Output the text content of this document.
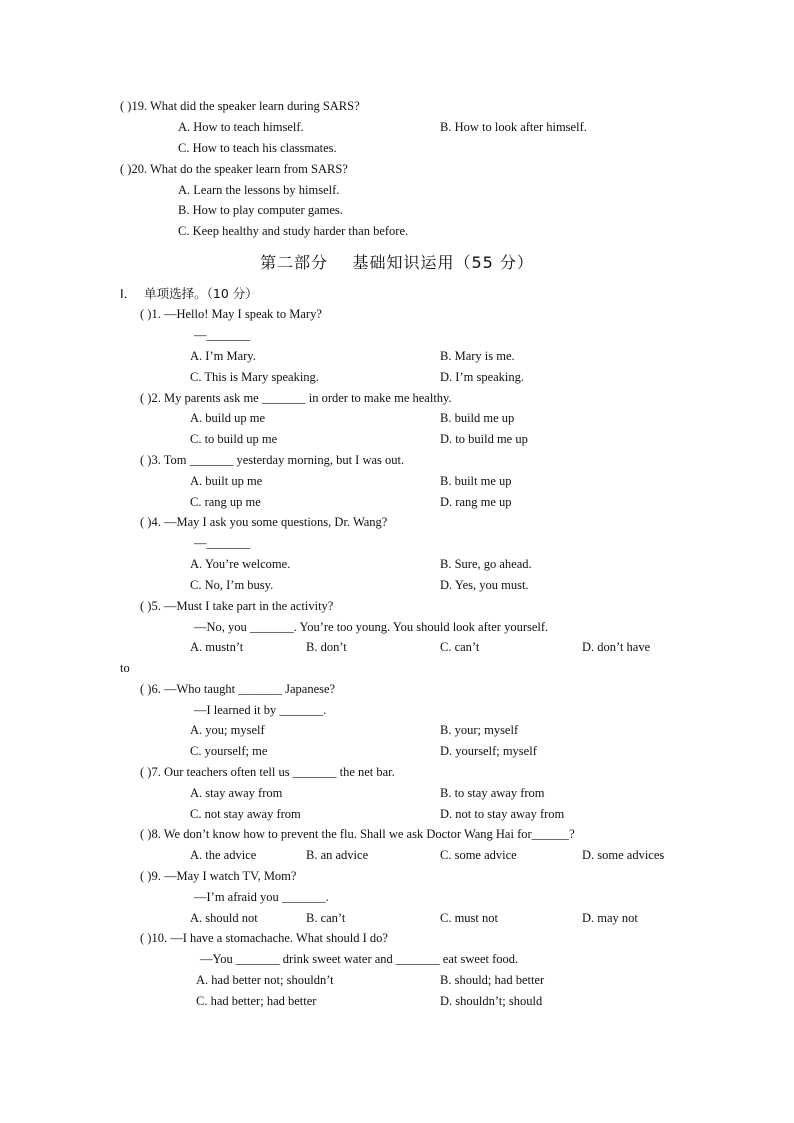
( )19. What did the speaker learn during SARS?
A. How to teach himself.	B. How to look after himself.
C. How to teach his classmates.
( )20. What do the speaker learn from SARS?
A. Learn the lessons by himself.
B. How to play computer games.
C. Keep healthy and study harder than before.
第二部分    基础知识运用（55 分）
Ⅰ．  单项选择。（10 分）
( )1. —Hello! May I speak to Mary?
—_______
A. I’m Mary.	B. Mary is me.
C. This is Mary speaking.	D. I’m speaking.
( )2. My parents ask me _______ in order to make me healthy.
A. build up me	B. build me up
C. to build up me	D. to build me up
( )3. Tom _______ yesterday morning, but I was out.
A. built up me	B. built me up
C. rang up me	D. rang me up
( )4. —May I ask you some questions, Dr. Wang?
—_______
A. You’re welcome.	B. Sure, go ahead.
C. No, I’m busy.	D. Yes, you must.
( )5. —Must I take part in the activity?
—No, you _______. You’re too young. You should look after yourself.
A. mustn’t	B. don’t	C. can’t	D. don’t have
to
( )6. —Who taught _______ Japanese?
—I learned it by _______.
A. you; myself	B. your; myself
C. yourself; me	D. yourself; myself
( )7. Our teachers often tell us _______ the net bar.
A. stay away from	B. to stay away from
C. not stay away from	D. not to stay away from
( )8. We don’t know how to prevent the flu. Shall we ask Doctor Wang Hai for______?
A. the advice	B. an advice	C. some advice	D. some advices
( )9. —May I watch TV, Mom?
—I’m afraid you _______.
A. should not	B. can’t	C. must not	D. may not
( )10. —I have a stomachache. What should I do?
—You _______ drink sweet water and _______ eat sweet food.
A. had better not; shouldn’t	B. should; had better
C. had better; had better	D. shouldn’t; should
